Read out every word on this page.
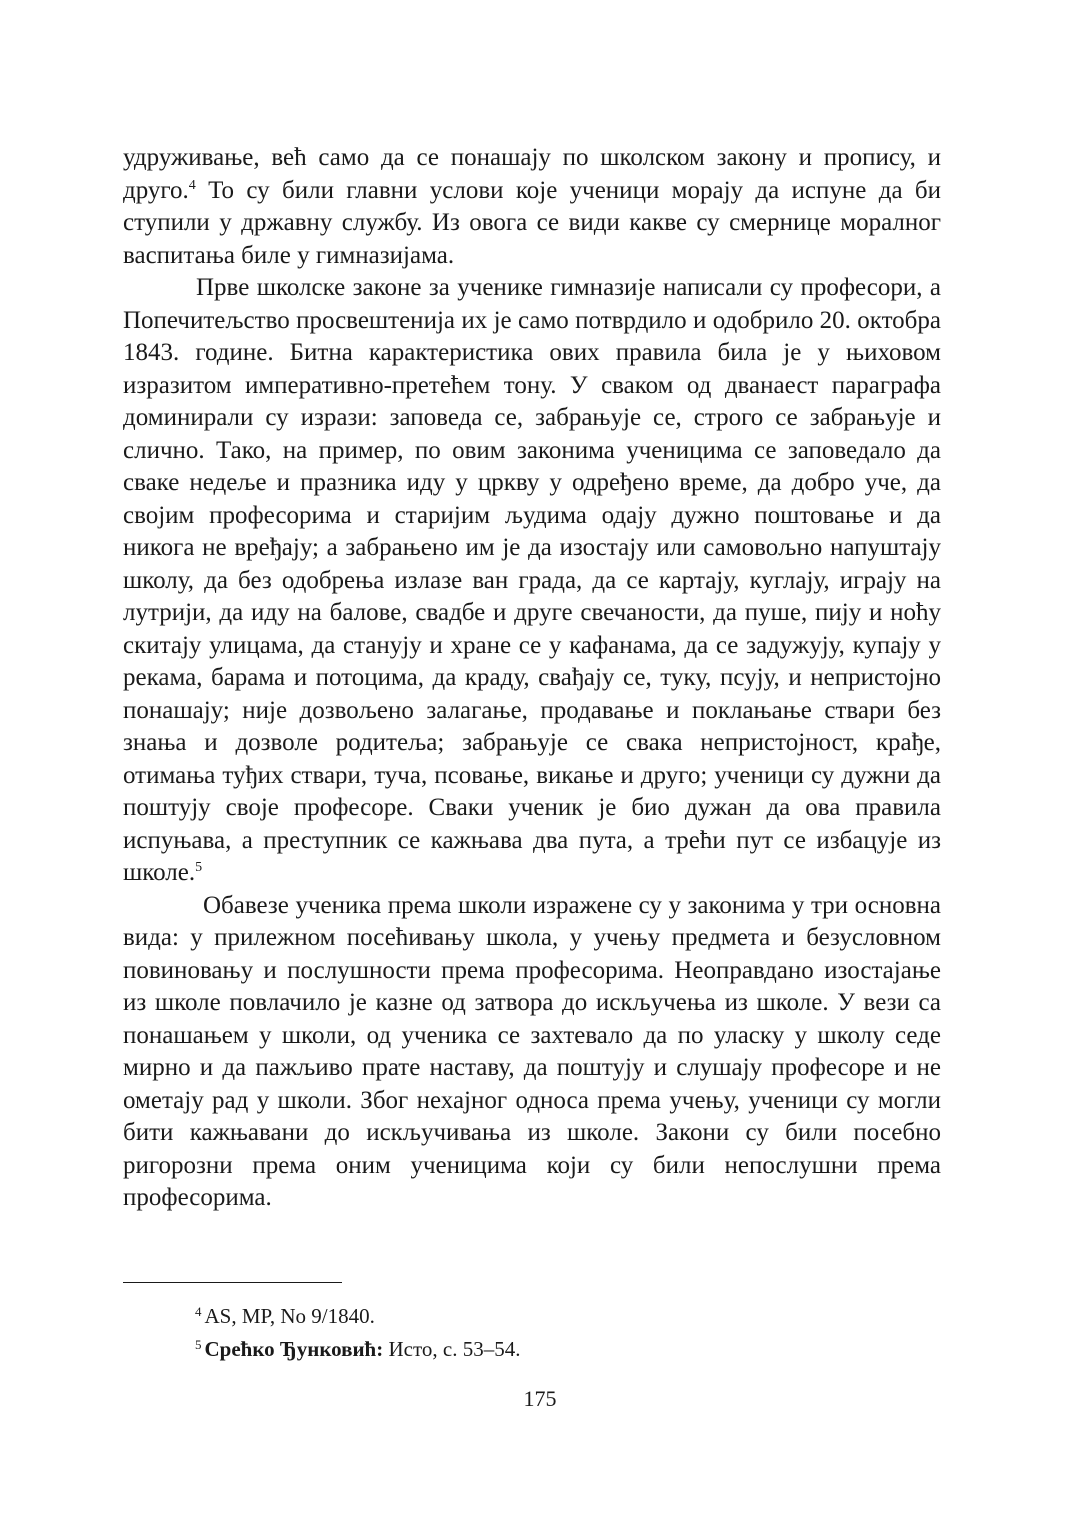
удруживање, већ само да се понашају по школском закону и пропису, и друго.$^4$ То су били главни услови које ученици морају да испуне да би ступили у државну службу. Из овога се види какве су смернице моралног васпитања биле у гимназијама.

Прве школске законе за ученике гимназије написали су професори, а Попечитељство просвештенија их је само потврдило и одобрило 20. октобра 1843. године. Битна карактеристика ових правила била је у њиховом изразитом императивно-претећем тону. У сваком од дванаест параграфа доминирали су изрази: заповеда се, забрањује се, строго се забрањује и слично. Тако, на пример, по овим законима ученицима се заповедало да сваке недеље и празника иду у цркву у одређено време, да добро уче, да својим професорима и старијим људима одају дужно поштовање и да никога не вређају; а забрањено им је да изостају или самовољно напуштају школу, да без одобрења излазе ван града, да се картају, куглају, играју на лутрији, да иду на балове, свадбе и друге свечаности, да пуше, пију и ноћу скитају улицама, да станују и хране се у кафанама, да се задужују, купају у рекама, барама и потоцима, да краду, свађају се, туку, псују, и непристојно понашају; није дозвољено залагање, продавање и поклањање ствари без знања и дозволе родитеља; забрањује се свака непристојност, крађе, отимања туђих ствари, туча, псовање, викање и друго; ученици су дужни да поштују своје професоре. Сваки ученик је био дужан да ова правила испуњава, а преступник се кажњава два пута, а трећи пут се избацује из школе.$^5$

Обавезе ученика према школи изражене су у законима у три основна вида: у прилежном посећивању школа, у учењу предмета и безусловном повиновању и послушности према професорима. Неоправдано изостајање из школе повлачило је казне од затвора до искључења из школе. У вези са понашањем у школи, од ученика се захтевало да по уласку у школу седе мирно и да пажљиво прате наставу, да поштују и слушају професоре и не ометају рад у школи. Због нехајног односа према учењу, ученици су могли бити кажњавани до искључивања из школе. Закони су били посебно ригорозни према оним ученицима који су били непослушни према професорима.

$^4$ AS, MP, No 9/1840.

$^5$ Срећко Ђунковић: Исто, с. 53–54.

175
